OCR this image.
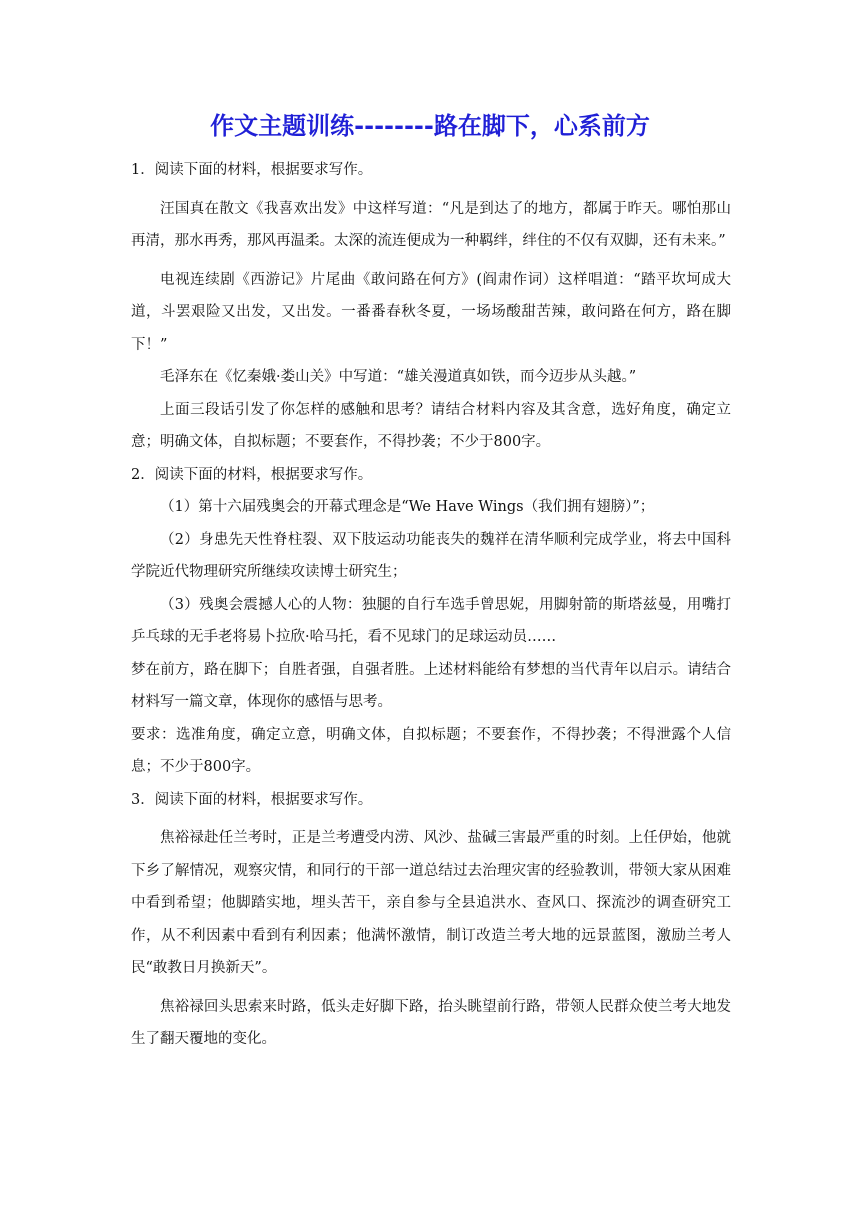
作文主题训练--------路在脚下，心系前方

1．阅读下面的材料，根据要求写作。

汪国真在散文《我喜欢出发》中这样写道：“凡是到达了的地方，都属于昨天。哪怕那山再清，那水再秀，那风再温柔。太深的流连便成为一种羁绊，绊住的不仅有双脚，还有未来。”

电视连续剧《西游记》片尾曲《敢问路在何方》(阎肃作词）这样唱道：“踏平坎坷成大道，斗罢艰险又出发，又出发。一番番春秋冬夏，一场场酸甜苦辣，敢问路在何方，路在脚下！”

毛泽东在《忆秦娥·娄山关》中写道：“雄关漫道真如铁，而今迈步从头越。”

上面三段话引发了你怎样的感触和思考？请结合材料内容及其含意，选好角度，确定立意；明确文体，自拟标题；不要套作，不得抄袭；不少于800字。

2．阅读下面的材料，根据要求写作。

（1）第十六届残奥会的开幕式理念是“We Have Wings（我们拥有翅膀）”；

（2）身患先天性脊柱裂、双下肢运动功能丧失的魏祥在清华顺利完成学业，将去中国科学院近代物理研究所继续攻读博士研究生；

（3）残奥会震撼人心的人物：独腿的自行车选手曾思妮，用脚射箭的斯塔兹曼，用嘴打乒乓球的无手老将易卜拉欣·哈马托，看不见球门的足球运动员……

梦在前方，路在脚下；自胜者强，自强者胜。上述材料能给有梦想的当代青年以启示。请结合材料写一篇文章，体现你的感悟与思考。

要求：选准角度，确定立意，明确文体，自拟标题；不要套作，不得抄袭；不得泄露个人信息；不少于800字。

3．阅读下面的材料，根据要求写作。

焦裕禄赴任兰考时，正是兰考遭受内涝、风沙、盐碱三害最严重的时刻。上任伊始，他就下乡了解情况，观察灾情，和同行的干部一道总结过去治理灾害的经验教训，带领大家从困难中看到希望；他脚踏实地，埋头苦干，亲自参与全县追洪水、查风口、探流沙的调查研究工作，从不利因素中看到有利因素；他满怀激情，制订改造兰考大地的远景蓝图，激励兰考人民“敢教日月换新天”。

焦裕禄回头思索来时路，低头走好脚下路，抬头眺望前行路，带领人民群众使兰考大地发生了翻天覆地的变化。
